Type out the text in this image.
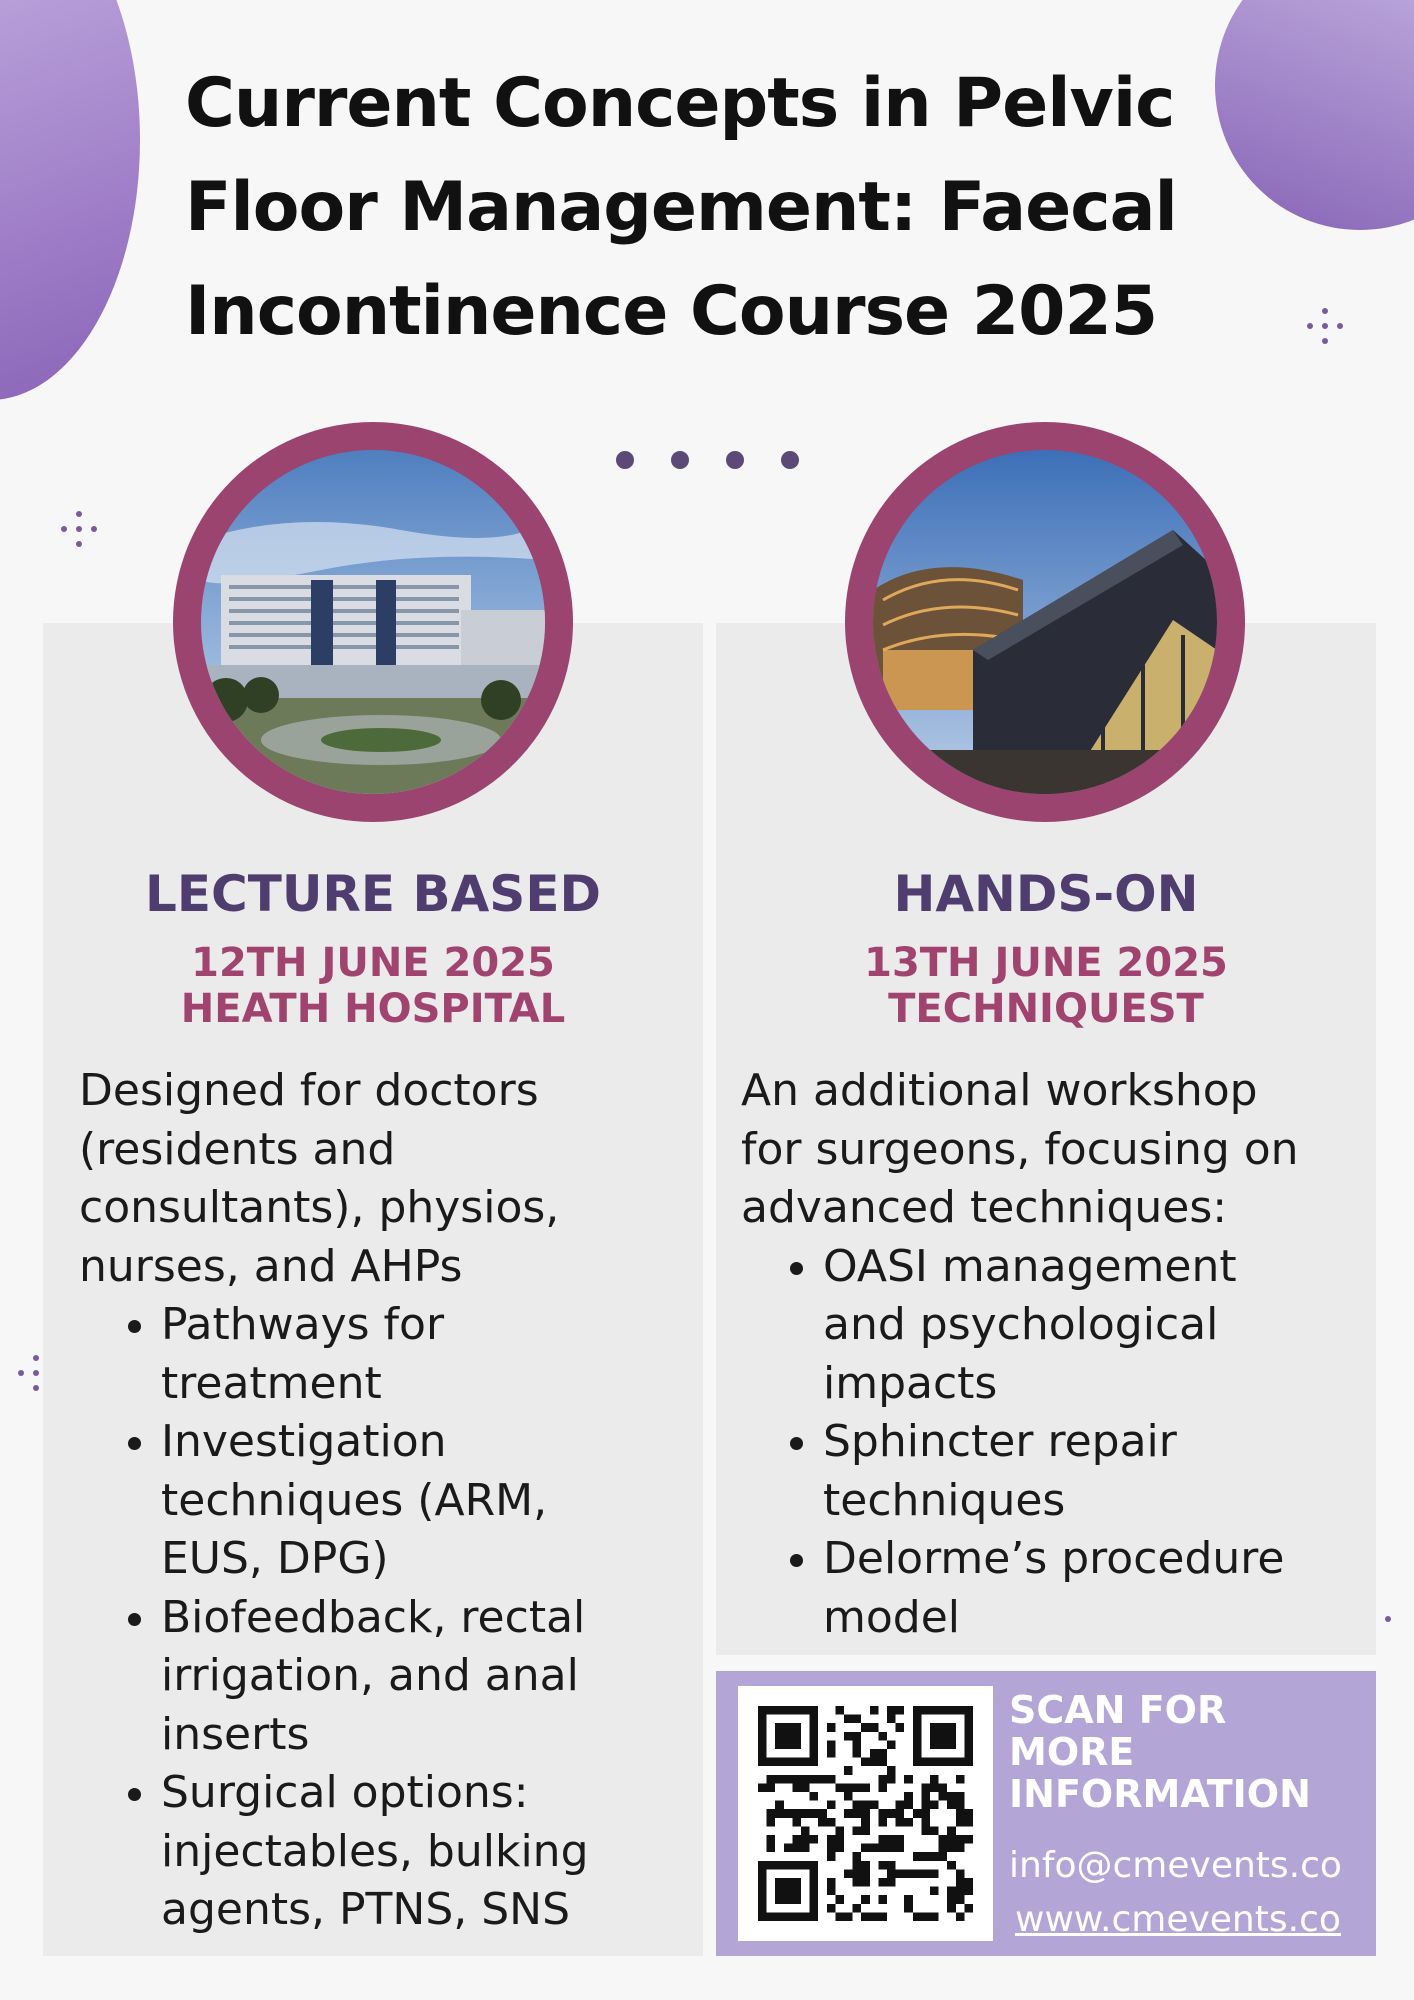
Current Concepts in Pelvic
Floor Management: Faecal
Incontinence Course 2025
LECTURE BASED
12TH JUNE 2025
HEATH HOSPITAL
HANDS-ON
13TH JUNE 2025
TECHNIQUEST

Designed for doctors
(residents and
consultants), physios,
nurses, and AHPs

• Pathways for
treatment
• Investigation
techniques (ARM,
EUS, DPG)
• Biofeedback, rectal
irrigation, and anal
inserts
• Surgical options:
injectables, bulking
agents, PTNS, SNS

An additional workshop
for surgeons, focusing on
advanced techniques:

• OASI management
and psychological
impacts
• Sphincter repair
techniques
• Delorme’s procedure
model
SCAN FOR
MORE
INFORMATION
info@cmevents.co
www.cmevents.co
